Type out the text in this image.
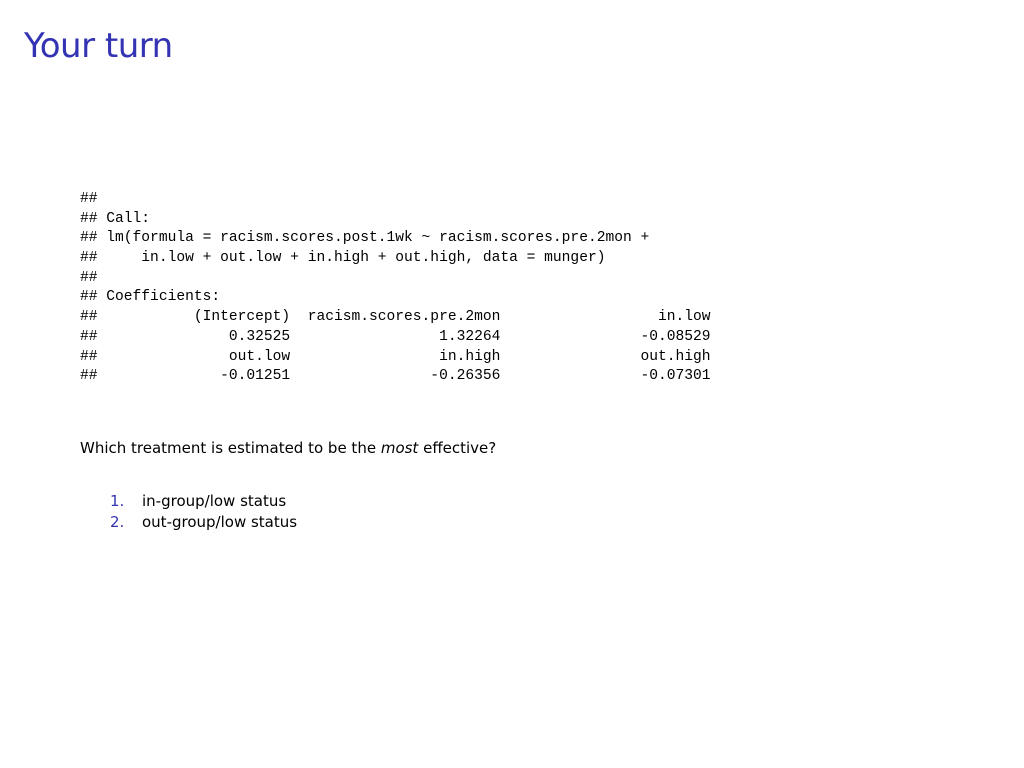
Your turn
##
## Call:
## lm(formula = racism.scores.post.1wk ~ racism.scores.pre.2mon +
##     in.low + out.low + in.high + out.high, data = munger)
##
## Coefficients:
##           (Intercept)  racism.scores.pre.2mon                  in.low
##               0.32525                 1.32264                -0.08529
##               out.low                 in.high                out.high
##              -0.01251                -0.26356                -0.07301

Which treatment is estimated to be the most effective?

1.	in-group/low status
2.	out-group/low status
